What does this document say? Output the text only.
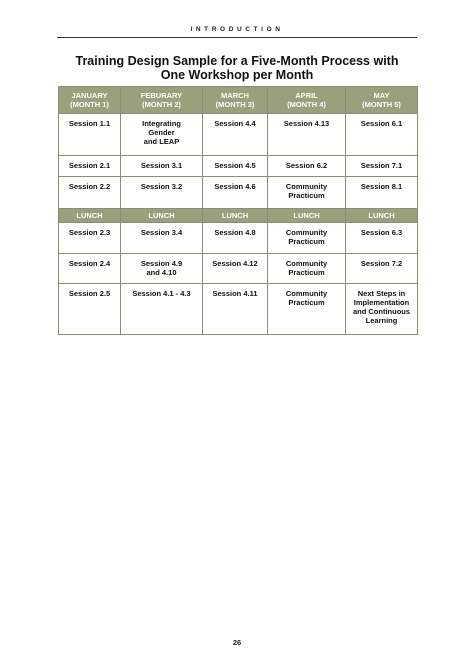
INTRODUCTION
Training Design Sample for a Five-Month Process with
One Workshop per Month
JANUARY
(MONTH 1)	FEBURARY
(MONTH 2)	MARCH
(MONTH 3)	APRIL
(MONTH 4)	MAY
(MONTH 5)

Session 1.1	Integrating
Gender
and LEAP	Session 4.4	Session 4.13	Session 6.1

Session 2.1	Session 3.1	Session 4.5	Session 6.2	Session 7.1

Session 2.2	Session 3.2	Session 4.6	Community
Practicum	Session 8.1

LUNCH	LUNCH	LUNCH	LUNCH	LUNCH

Session 2.3	Session 3.4	Session 4.8	Community
Practicum	Session 6.3

Session 2.4	Session 4.9
and 4.10	Session 4.12	Community
Practicum	Session 7.2

Session 2.5	Session 4.1 - 4.3	Session 4.11	Community
Practicum	Next Steps in
Implementation
and Continuous
Learning
26
